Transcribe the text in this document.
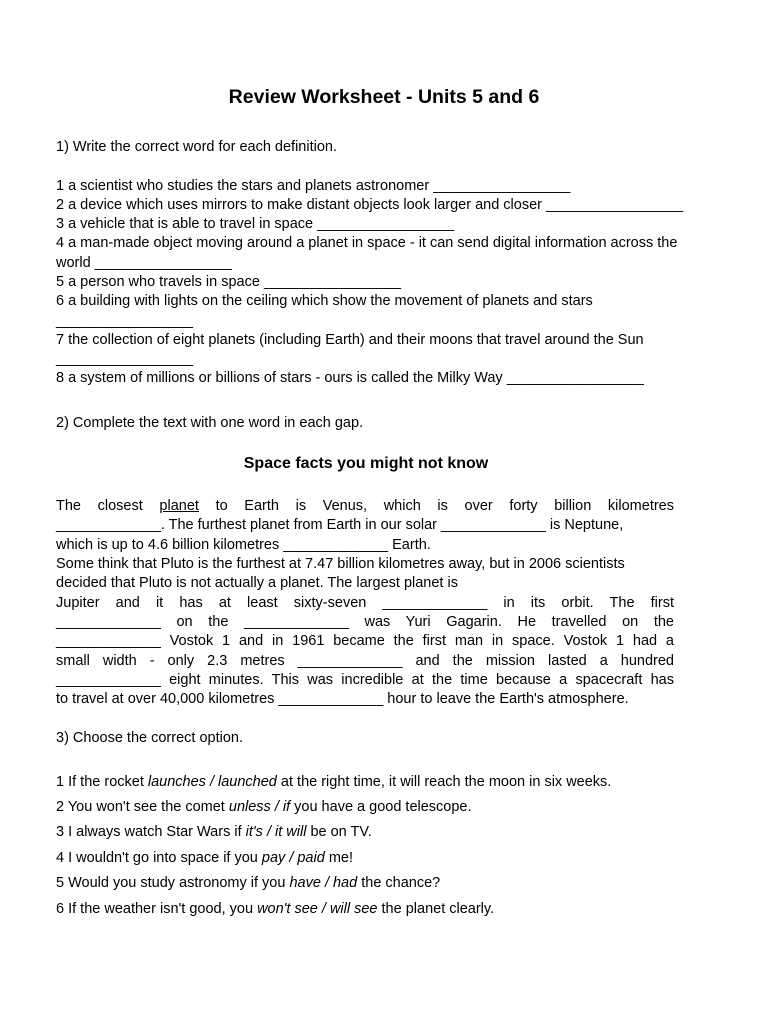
Review Worksheet - Units 5 and 6
1) Write the correct word for each definition.
1 a scientist who studies the stars and planets astronomer _________________
2 a device which uses mirrors to make distant objects look larger and closer _________________
3 a vehicle that is able to travel in space _________________
4 a man-made object moving around a planet in space - it can send digital information across the
world _________________
5 a person who travels in space _________________
6 a building with lights on the ceiling which show the movement of planets and stars
_________________
7 the collection of eight planets (including Earth) and their moons that travel around the Sun
_________________
8 a system of millions or billions of stars - ours is called the Milky Way _________________
2) Complete the text with one word in each gap.
Space facts you might not know
The closest planet to Earth is Venus, which is over forty billion kilometres
_____________. The furthest planet from Earth in our solar _____________ is Neptune,
which is up to 4.6 billion kilometres _____________ Earth.
Some think that Pluto is the furthest at 7.47 billion kilometres away, but in 2006 scientists
decided that Pluto is not actually a planet. The largest planet is
Jupiter and it has at least sixty-seven _____________ in its orbit. The first
_____________ on the _____________ was Yuri Gagarin. He travelled on the
_____________ Vostok 1 and in 1961 became the first man in space. Vostok 1 had a
small width - only 2.3 metres _____________ and the mission lasted a hundred
_____________ eight minutes. This was incredible at the time because a spacecraft has
to travel at over 40,000 kilometres _____________ hour to leave the Earth's atmosphere.
3) Choose the correct option.
1 If the rocket launches / launched at the right time, it will reach the moon in six weeks.
2 You won't see the comet unless / if you have a good telescope.
3 I always watch Star Wars if it's / it will be on TV.
4 I wouldn't go into space if you pay / paid me!
5 Would you study astronomy if you have / had the chance?
6 If the weather isn't good, you won't see / will see the planet clearly.
